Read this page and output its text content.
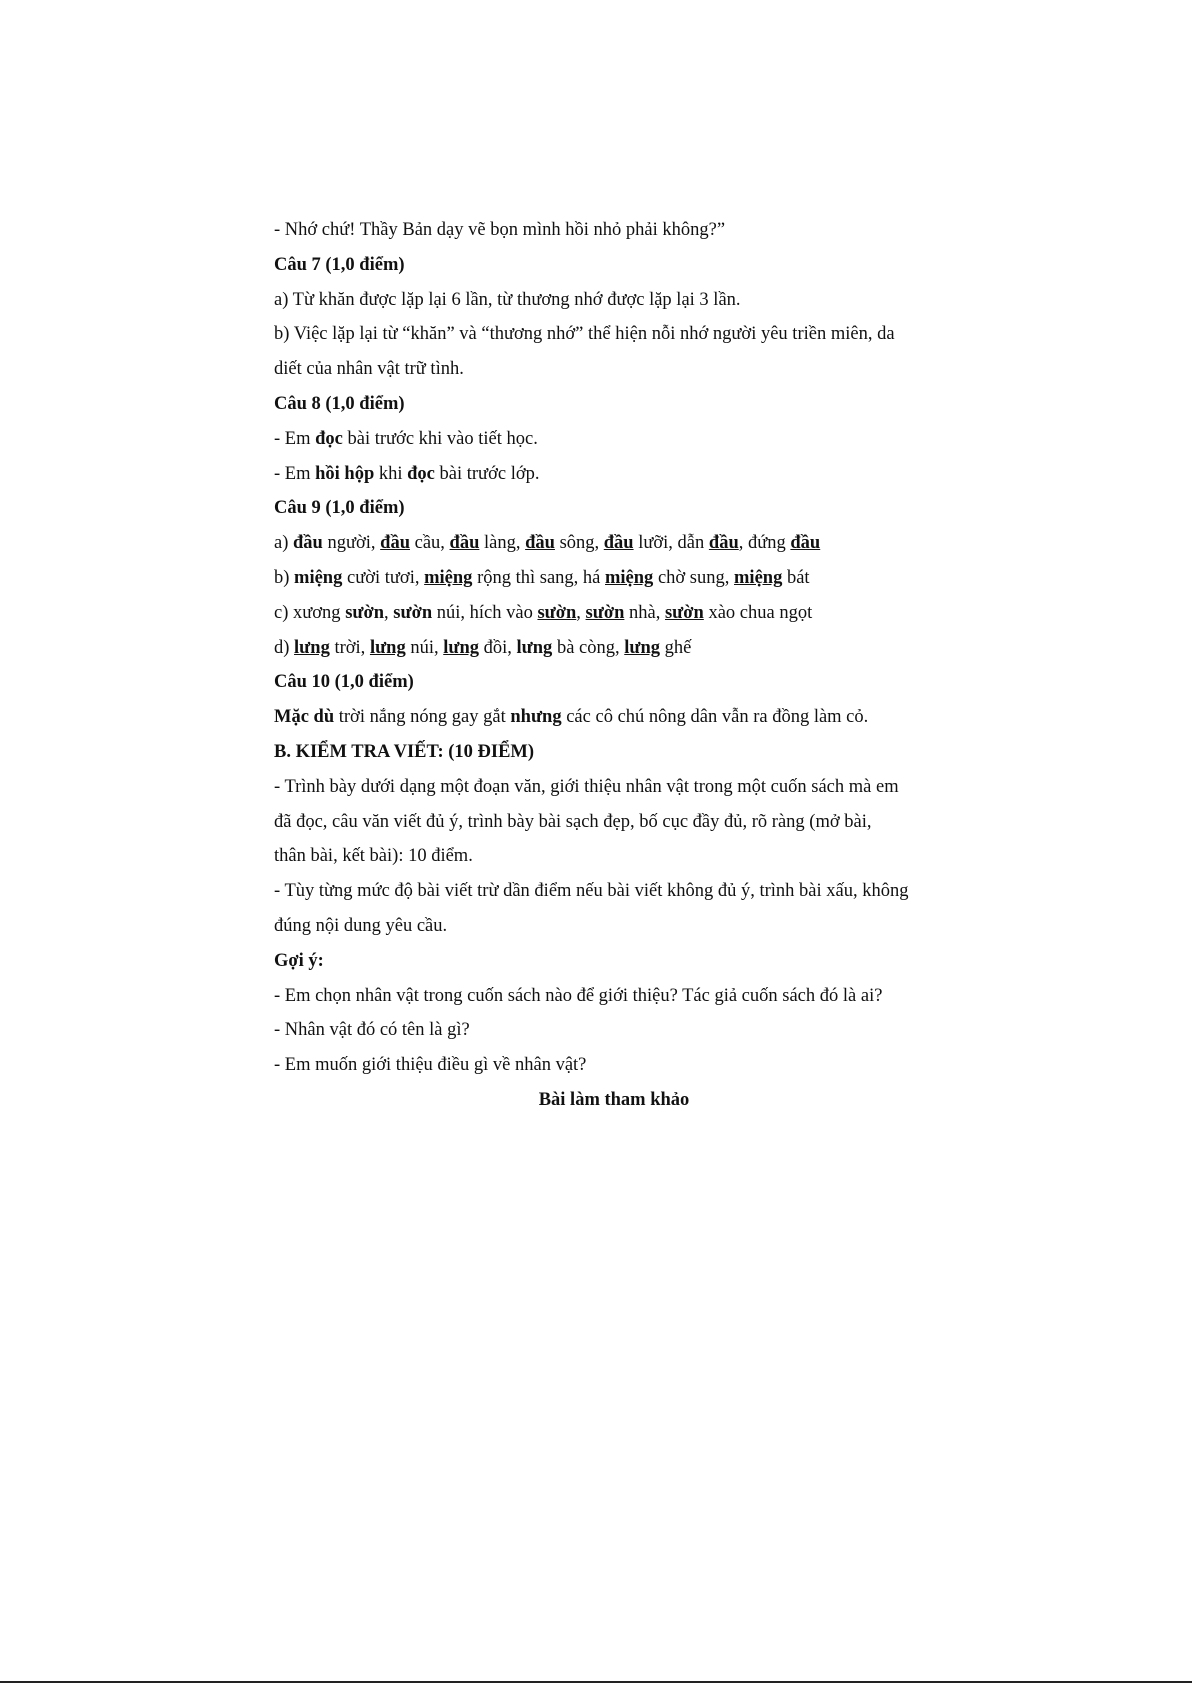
- Nhớ chứ! Thầy Bản dạy vẽ bọn mình hồi nhỏ phải không?”
Câu 7 (1,0 điểm)
a) Từ khăn được lặp lại 6 lần, từ thương nhớ được lặp lại 3 lần.
b) Việc lặp lại từ “khăn” và “thương nhớ” thể hiện nỗi nhớ người yêu triền miên, da
diết của nhân vật trữ tình.
Câu 8 (1,0 điểm)
- Em đọc bài trước khi vào tiết học.
- Em hồi hộp khi đọc bài trước lớp.
Câu 9 (1,0 điểm)
a) đầu người, đầu cầu, đầu làng, đầu sông, đầu lưỡi, dẫn đầu, đứng đầu
b) miệng cười tươi, miệng rộng thì sang, há miệng chờ sung, miệng bát
c) xương sườn, sườn núi, hích vào sườn, sườn nhà, sườn xào chua ngọt
d) lưng trời, lưng núi, lưng đồi, lưng bà còng, lưng ghế
Câu 10 (1,0 điểm)
Mặc dù trời nắng nóng gay gắt nhưng các cô chú nông dân vẫn ra đồng làm cỏ.
B. KIỂM TRA VIẾT: (10 ĐIỂM)
- Trình bày dưới dạng một đoạn văn, giới thiệu nhân vật trong một cuốn sách mà em
đã đọc, câu văn viết đủ ý, trình bày bài sạch đẹp, bố cục đầy đủ, rõ ràng (mở bài,
thân bài, kết bài): 10 điểm.
- Tùy từng mức độ bài viết trừ dần điểm nếu bài viết không đủ ý, trình bài xấu, không
đúng nội dung yêu cầu.
Gợi ý:
- Em chọn nhân vật trong cuốn sách nào để giới thiệu? Tác giả cuốn sách đó là ai?
- Nhân vật đó có tên là gì?
- Em muốn giới thiệu điều gì về nhân vật?
Bài làm tham khảo
